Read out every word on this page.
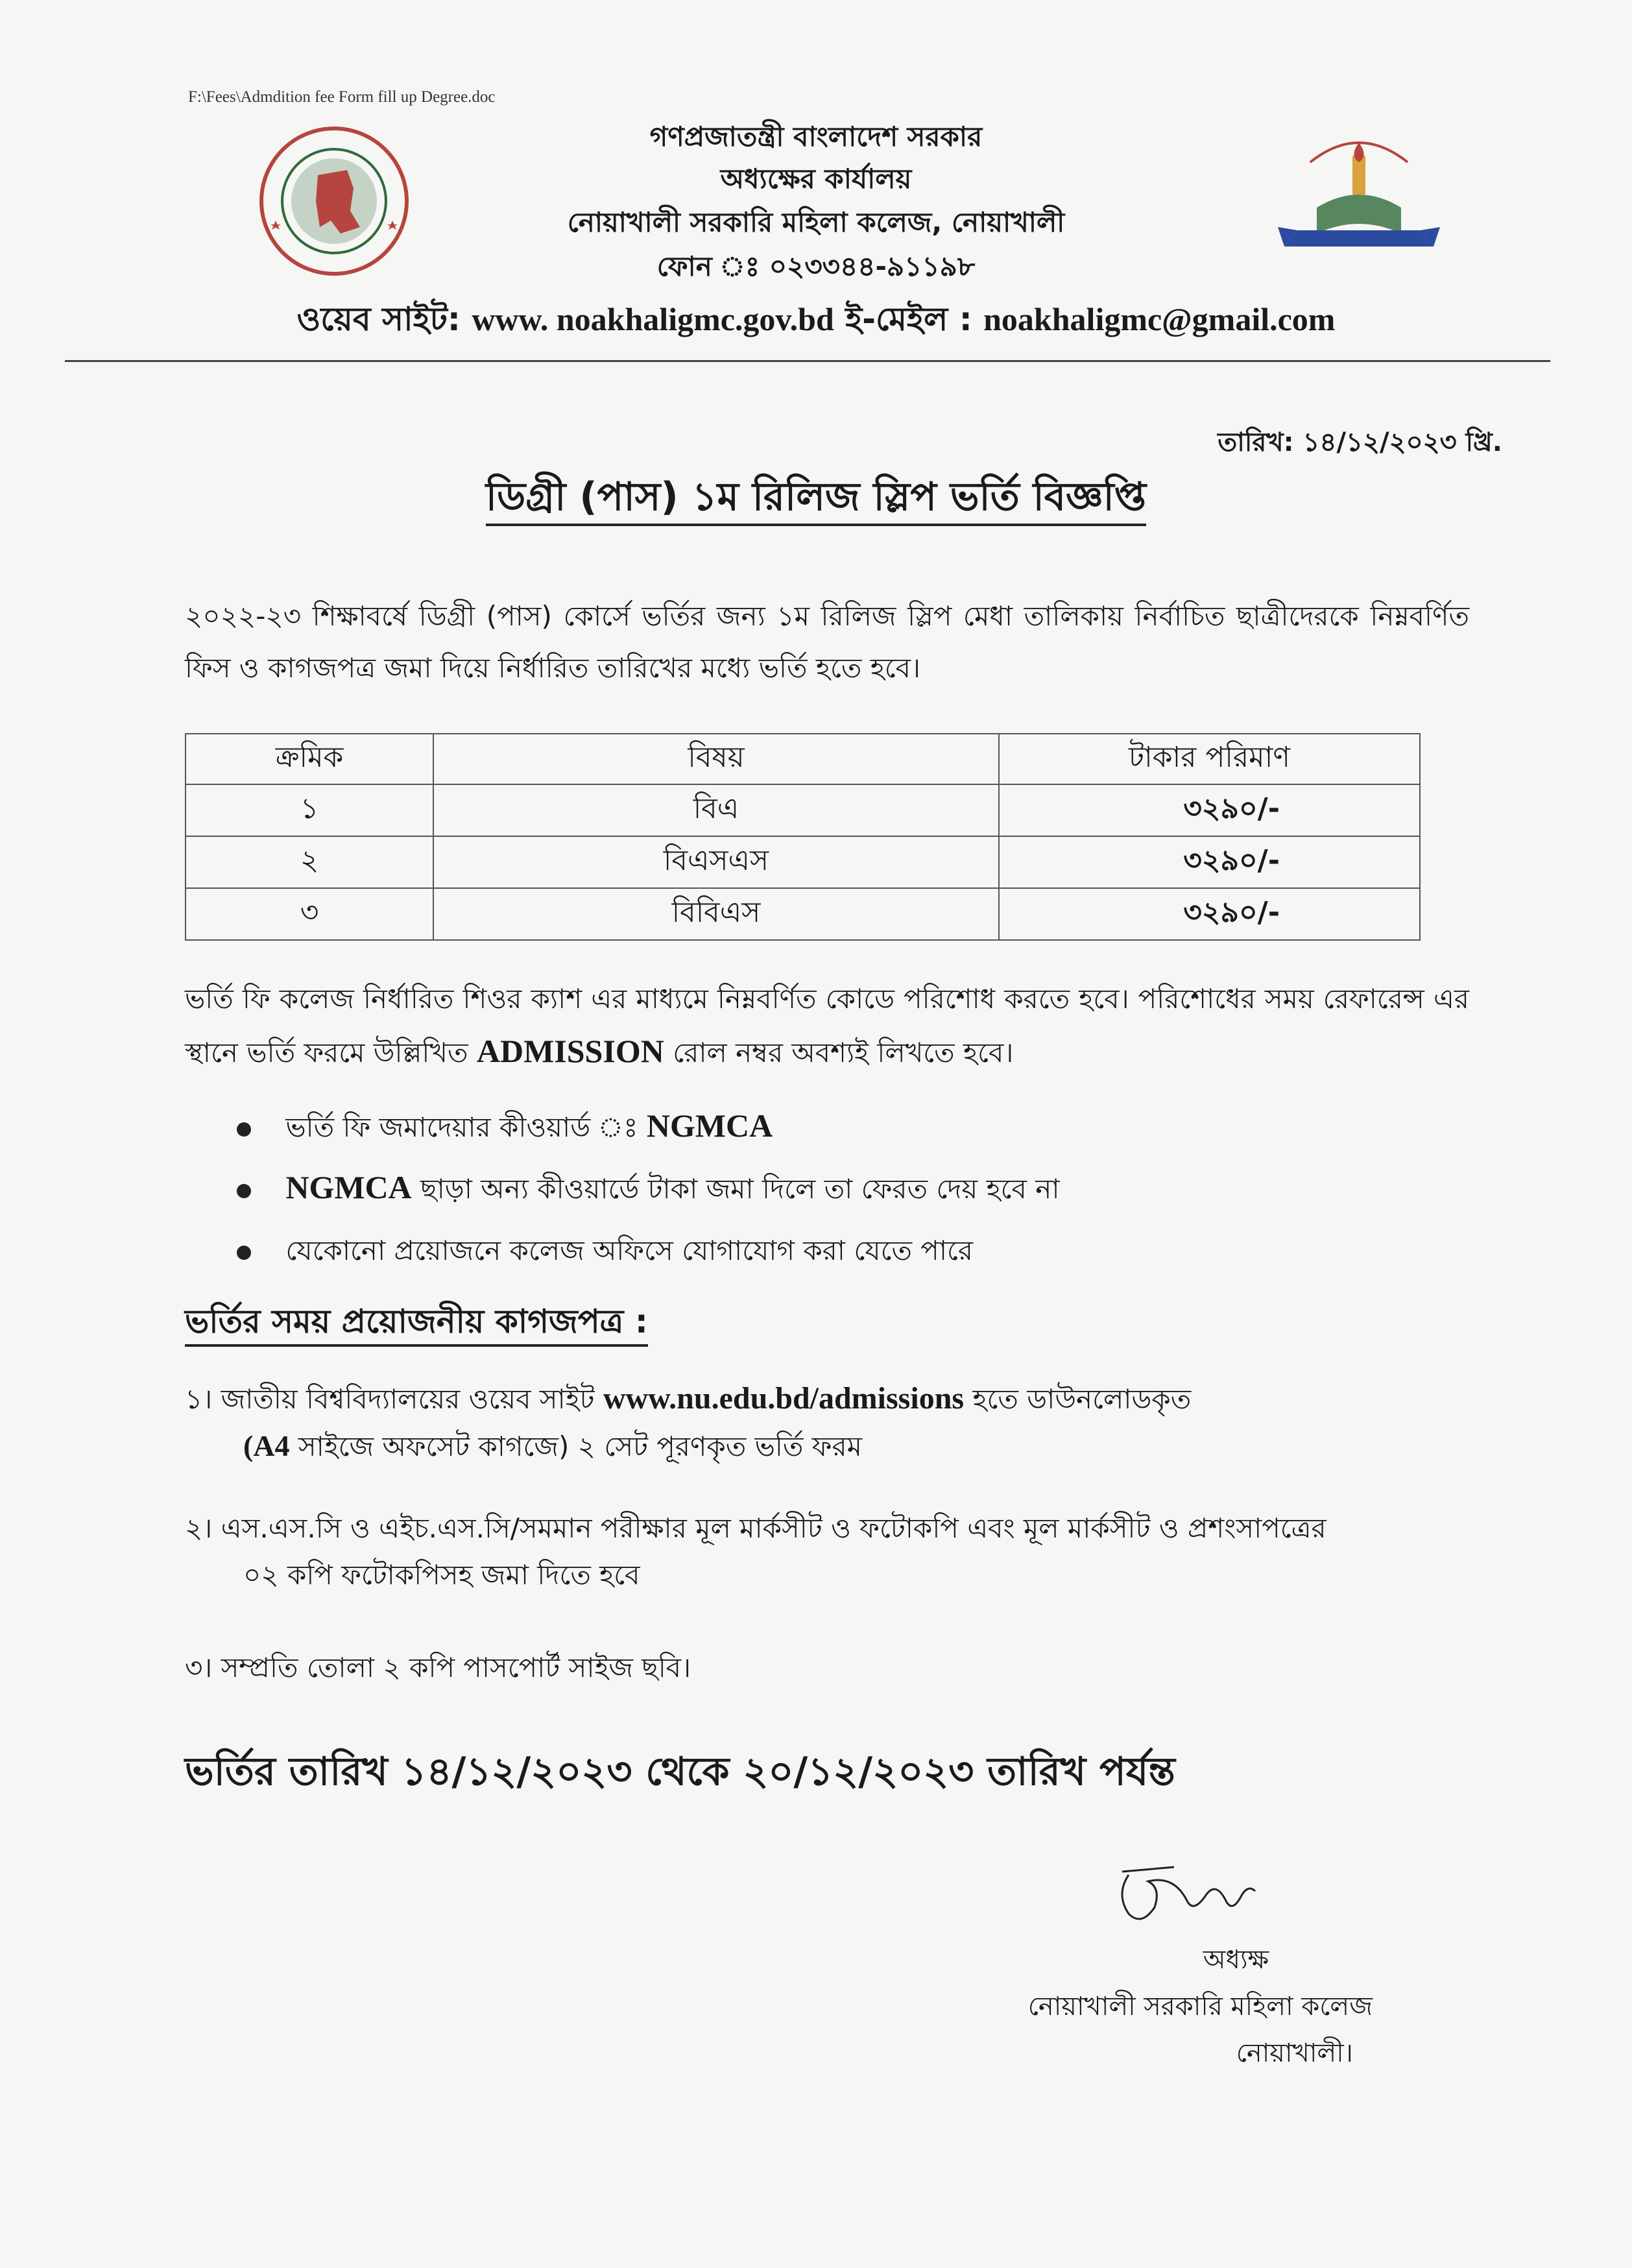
F:\Fees\Admdition fee Form fill up Degree.doc
গণপ্রজাতন্ত্রী বাংলাদেশ সরকার
অধ্যক্ষের কার্যালয়
নোয়াখালী সরকারি মহিলা কলেজ, নোয়াখালী
ফোন ঃ ০২৩৩৪৪-৯১১৯৮
ওয়েব সাইট: www. noakhaligmc.gov.bd ই-মেইল : noakhaligmc@gmail.com
তারিখ: ১৪/১২/২০২৩ খ্রি.
ডিগ্রী (পাস) ১ম রিলিজ স্লিপ ভর্তি বিজ্ঞপ্তি
২০২২-২৩ শিক্ষাবর্ষে ডিগ্রী (পাস) কোর্সে ভর্তির জন্য ১ম রিলিজ স্লিপ মেধা তালিকায় নির্বাচিত ছাত্রীদেরকে নিম্নবর্ণিত ফিস ও কাগজপত্র জমা দিয়ে নির্ধারিত তারিখের মধ্যে ভর্তি হতে হবে।
ক্রমিক	বিষয়	টাকার পরিমাণ
১	বিএ	৩২৯০/-
২	বিএসএস	৩২৯০/-
৩	বিবিএস	৩২৯০/-
ভর্তি ফি কলেজ নির্ধারিত শিওর ক্যাশ এর মাধ্যমে নিম্নবর্ণিত কোডে পরিশোধ করতে হবে। পরিশোধের সময় রেফারেন্স এর স্থানে ভর্তি ফরমে উল্লিখিত ADMISSION রোল নম্বর অবশ্যই লিখতে হবে।
ভর্তি ফি জমাদেয়ার কীওয়ার্ড ঃ NGMCA
NGMCA ছাড়া অন্য কীওয়ার্ডে টাকা জমা দিলে তা ফেরত দেয় হবে না
যেকোনো প্রয়োজনে কলেজ অফিসে যোগাযোগ করা যেতে পারে
ভর্তির সময় প্রয়োজনীয় কাগজপত্র :
১। জাতীয় বিশ্ববিদ্যালয়ের ওয়েব সাইট www.nu.edu.bd/admissions হতে ডাউনলোডকৃত
(A4 সাইজে অফসেট কাগজে) ২ সেট পূরণকৃত ভর্তি ফরম
২। এস.এস.সি ও এইচ.এস.সি/সমমান পরীক্ষার মূল মার্কসীট ও ফটোকপি এবং মূল মার্কসীট ও প্রশংসাপত্রের
০২ কপি ফটোকপিসহ জমা দিতে হবে
৩। সম্প্রতি তোলা ২ কপি পাসপোর্ট সাইজ ছবি।
ভর্তির তারিখ ১৪/১২/২০২৩ থেকে ২০/১২/২০২৩ তারিখ পর্যন্ত
অধ্যক্ষ
নোয়াখালী সরকারি মহিলা কলেজ
নোয়াখালী।
